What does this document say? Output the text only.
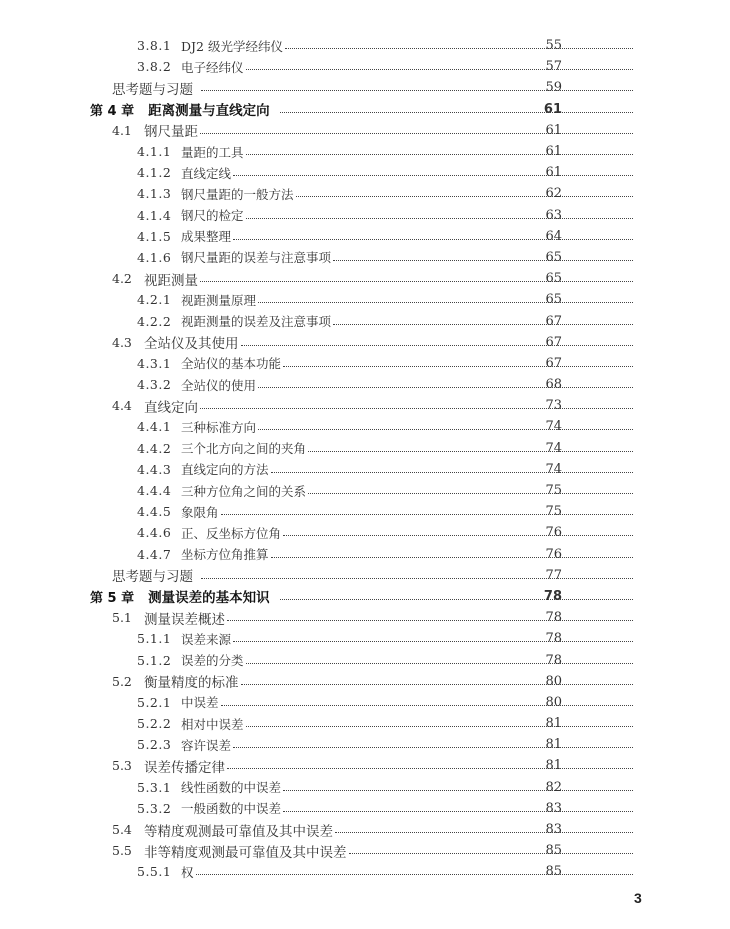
3.8.1 DJ2 级光学经纬仪	55
3.8.2 电子经纬仪	57
思考题与习题	59
第 4 章	距离测量与直线定向	61
4.1 钢尺量距	61
4.1.1 量距的工具	61
4.1.2 直线定线	61
4.1.3 钢尺量距的一般方法	62
4.1.4 钢尺的检定	63
4.1.5 成果整理	64
4.1.6 钢尺量距的误差与注意事项	65
4.2 视距测量	65
4.2.1 视距测量原理	65
4.2.2 视距测量的误差及注意事项	67
4.3 全站仪及其使用	67
4.3.1 全站仪的基本功能	67
4.3.2 全站仪的使用	68
4.4 直线定向	73
4.4.1 三种标准方向	74
4.4.2 三个北方向之间的夹角	74
4.4.3 直线定向的方法	74
4.4.4 三种方位角之间的关系	75
4.4.5 象限角	75
4.4.6 正、反坐标方位角	76
4.4.7 坐标方位角推算	76
思考题与习题	77
第 5 章	测量误差的基本知识	78
5.1 测量误差概述	78
5.1.1 误差来源	78
5.1.2 误差的分类	78
5.2 衡量精度的标准	80
5.2.1 中误差	80
5.2.2 相对中误差	81
5.2.3 容许误差	81
5.3 误差传播定律	81
5.3.1 线性函数的中误差	82
5.3.2 一般函数的中误差	83
5.4 等精度观测最可靠值及其中误差	83
5.5 非等精度观测最可靠值及其中误差	85
5.5.1 权	85
3
